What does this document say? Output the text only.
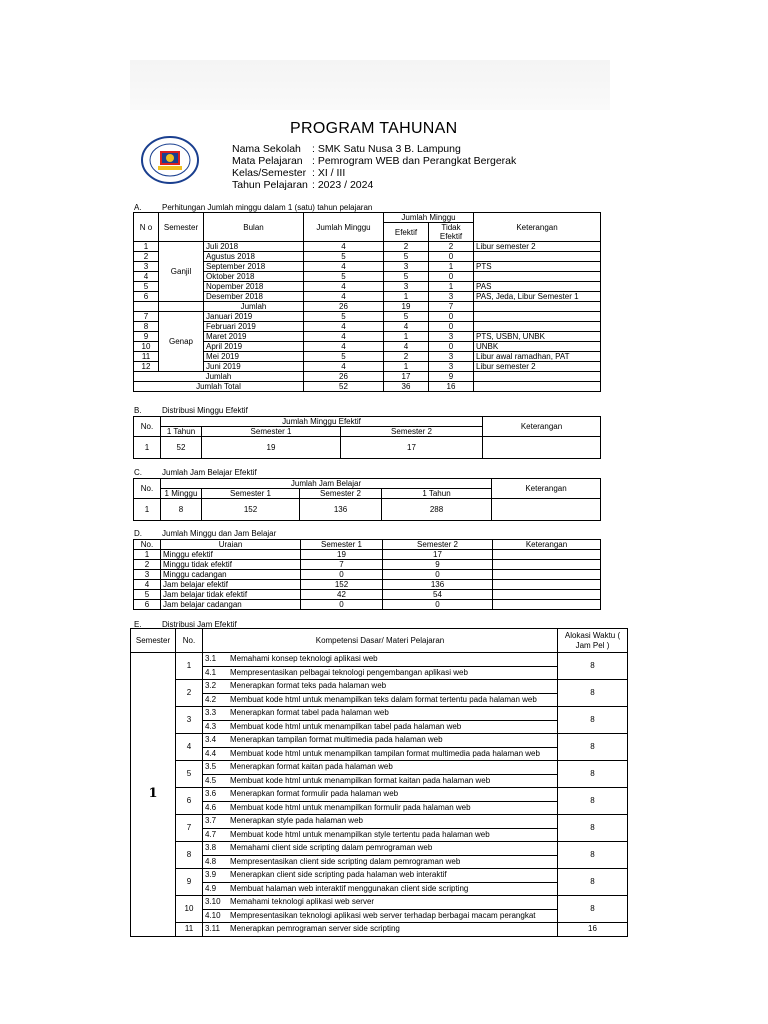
PROGRAM TAHUNAN
Nama Sekolah	: SMK Satu Nusa 3 B. Lampung
Mata Pelajaran : Pemrogram WEB dan Perangkat Bergerak
Kelas/Semester : XI / III
Tahun Pelajaran : 2023 / 2024
A.	Perhitungan Jumlah minggu dalam 1 (satu) tahun pelajaran
N o	Semester	Bulan	Jumlah Minggu	Jumlah Minggu		Keterangan
				Efektif	Tidak Efektif	
1	Ganjil	Juli 2018	4	2	2	Libur semester 2
2		Agustus 2018	5	5	0	
3		September 2018	4	3	1	PTS
4		Oktober 2018	5	5	0	
5		Nopember 2018	4	3	1	PAS
6		Desember 2018	4	1	3	PAS, Jeda, Libur Semester 1
		Jumlah	26	19	7	
7	Genap	Januari 2019	5	5	0	
8		Februari 2019	4	4	0	
9		Maret 2019	4	1	3	PTS, USBN, UNBK
10		April 2019	4	4	0	UNBK
11		Mei 2019	5	2	3	Libur awal ramadhan, PAT
12		Juni 2019	4	1	3	Libur semester 2
Jumlah			26	17	9	
Jumlah Total			52	36	16	
B.	Distribusi Minggu Efektif
No.	Jumlah Minggu Efektif			Keterangan
	1 Tahun	Semester 1	Semester 2	
1	52	19	17	
C.	Jumlah Jam Belajar Efektif
No.	Jumlah Jam Belajar				Keterangan
	1 Minggu	Semester 1	Semester 2	1 Tahun	
1	8	152	136	288	
D.	Jumlah Minggu dan Jam Belajar
No.	Uraian	Semester 1	Semester 2	Keterangan
1	Minggu efektif	19	17	
2	Minggu tidak efektif	7	9	
3	Minggu cadangan	0	0	
4	Jam belajar efektif	152	136	
5	Jam belajar tidak efektif	42	54	
6	Jam belajar cadangan	0	0	
E.	Distribusi Jam Efektif
Semester	No.	Kompetensi Dasar/ Materi Pelajaran	Alokasi Waktu ( Jam Pel )
1	1	3.1 Memahami konsep teknologi aplikasi web	8
		4.1 Mempresentasikan pelbagai teknologi pengembangan aplikasi web	
	2	3.2 Menerapkan format teks pada halaman web	8
		4.2 Membuat kode html untuk menampilkan teks dalam format tertentu pada halaman web	
	3	3.3 Menerapkan format tabel pada halaman web	8
		4.3 Membuat kode html untuk menampilkan tabel pada halaman web	
	4	3.4 Menerapkan tampilan format multimedia pada halaman web	8
		4.4 Membuat kode html untuk menampilkan tampilan format multimedia pada halaman web	
	5	3.5 Menerapkan format kaitan pada halaman web	8
		4.5 Membuat kode html untuk menampilkan format kaitan pada halaman web	
	6	3.6 Menerapkan format formulir pada halaman web	8
		4.6 Membuat kode html untuk menampilkan formulir pada halaman web	
	7	3.7 Menerapkan style pada halaman web	8
		4.7 Membuat kode html untuk menampilkan style tertentu pada halaman web	
	8	3.8 Memahami client side scripting dalam pemrograman web	8
		4.8 Mempresentasikan client side scripting dalam pemrograman web	
	9	3.9 Menerapkan client side scripting pada halaman web interaktif	8
		4.9 Membuat halaman web interaktif menggunakan client side scripting	
	10	3.10 Memahami teknologi aplikasi web server	8
		4.10 Mempresentasikan teknologi aplikasi web server terhadap berbagai macam perangkat	
	11	3.11 Menerapkan pemrograman server side scripting	16
